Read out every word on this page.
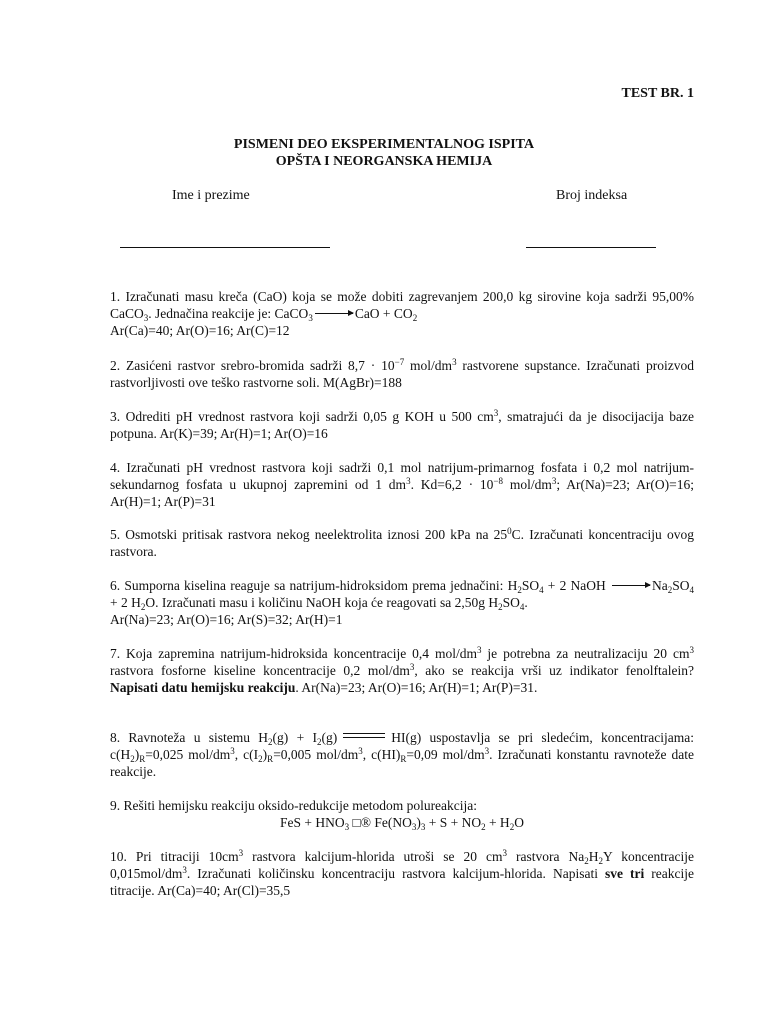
TEST BR. 1
PISMENI DEO EKSPERIMENTALNOG ISPITA
OPŠTA I NEORGANSKA HEMIJA
Ime i prezime	Broj indeksa

1. Izračunati masu kreča (CaO) koja se može dobiti zagrevanjem 200,0 kg sirovine koja sadrži 95,00% CaCO$_3$. Jednačina reakcije je: CaCO$_3$ → CaO + $CO_2$

Ar(Ca)=40; Ar(O)=16; Ar(C)=12

2. Zasićeni rastvor srebro-bromida sadrži $8,7 \cdot 10^{-7}$ mol/$dm^3$ rastvorene supstance. Izračunati proizvod rastvorljivosti ove teško rastvorne soli. M(AgBr)=188

3. Odrediti pH vrednost rastvora koji sadrži 0,05 g KOH u 500 $cm^3$, smatrajući da je disocijacija baze potpuna. Ar(K)=39; Ar(H)=1; Ar(O)=16

4. Izračunati pH vrednost rastvora koji sadrži 0,1 mol natrijum-primarnog fosfata i 0,2 mol natrijum-sekundarnog fosfata u ukupnoj zapremini od 1 $dm^3$. $Kd=6,2 \cdot 10^{-8}$ mol/$dm^3$; Ar(Na)=23; Ar(O)=16; Ar(H)=1; Ar(P)=31

5. Osmotski pritisak rastvora nekog neelektrolita iznosi 200 kPa na $25^0C$. Izračunati koncentraciju ovog rastvora.

6. Sumporna kiselina reaguje sa natrijum-hidroksidom prema jednačini: $H_2SO_4 + 2$ NaOH → $Na_2SO_4 + 2$ $H_2O$. Izračunati masu i količinu NaOH koja će reagovati sa 2,50g $H_2SO_4$.

Ar(Na)=23; Ar(O)=16; Ar(S)=32; Ar(H)=1

7. Koja zapremina natrijum-hidroksida koncentracije 0,4 mol/$dm^3$ je potrebna za neutralizaciju 20 $cm^3$ rastvora fosforne kiseline koncentracije 0,2 mol/$dm^3$, ako se reakcija vrši uz indikator fenolftalein? Napisati datu hemijsku reakciju. Ar(Na)=23; Ar(O)=16; Ar(H)=1; Ar(P)=31.

8. Ravnoteža u sistemu $H_2(g) + I_2(g)$	HI(g) uspostavlja se pri sledećim, koncentracijama: $c(H_2)_R=0,025$ mol/$dm^3$, $c(I_2)_R=0,005$ mol/$dm^3$, $c(HI)_R=0,09$ mol/$dm^3$. Izračunati konstantu ravnoteže date reakcije.

9. Rešiti hemijsku reakciju oksido-redukcije metodom polureakcija:

FeS + $HNO_3$ □® $Fe(NO_3)_3 + S + NO_2 + H_2O$

10. Pri titraciji $10cm^3$ rastvora kalcijum-hlorida utroši se 20 $cm^3$ rastvora $Na_2H_2Y$ koncentracije $0,015mol/dm^3$. Izračunati količinsku koncentraciju rastvora kalcijum-hlorida. Napisati sve tri reakcije titracije. Ar(Ca)=40; Ar(Cl)=35,5
